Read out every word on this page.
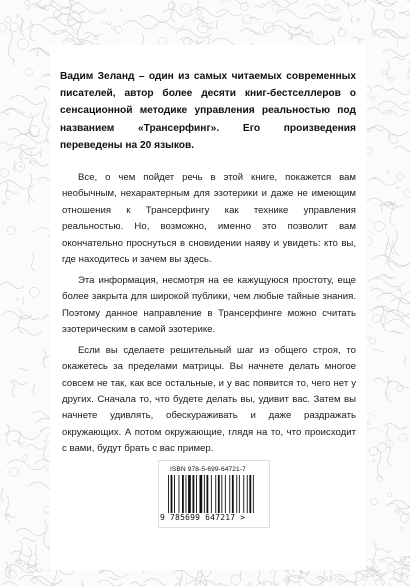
Вадим Зеланд – один из самых читаемых современных писателей, автор более десяти книг-бестселлеров о сенсационной методике управления реальностью под названием «Трансерфинг». Его произведения переведены на 20 языков.

Все, о чем пойдет речь в этой книге, покажется вам необычным, нехарактерным для эзотерики и даже не имеющим отношения к Трансерфингу как технике управления реальностью. Но, возможно, именно это позволит вам окончательно проснуться в сновидении наяву и увидеть: кто вы, где находитесь и зачем вы здесь.

Эта информация, несмотря на ее кажущуюся простоту, еще более закрыта для широкой публики, чем любые тайные знания. Поэтому данное направление в Трансерфинге можно считать эзотерическим в самой эзотерике.

Если вы сделаете решительный шаг из общего строя, то окажетесь за пределами матрицы. Вы начнете делать многое совсем не так, как все остальные, и у вас появится то, чего нет у других. Сначала то, что будете делать вы, удивит вас. Затем вы начнете удивлять, обескураживать и даже раздражать окружающих. А потом окружающие, глядя на то, что происходит с вами, будут брать с вас пример.

ISBN 978-5-699-64721-7
9 785699 647217 >
